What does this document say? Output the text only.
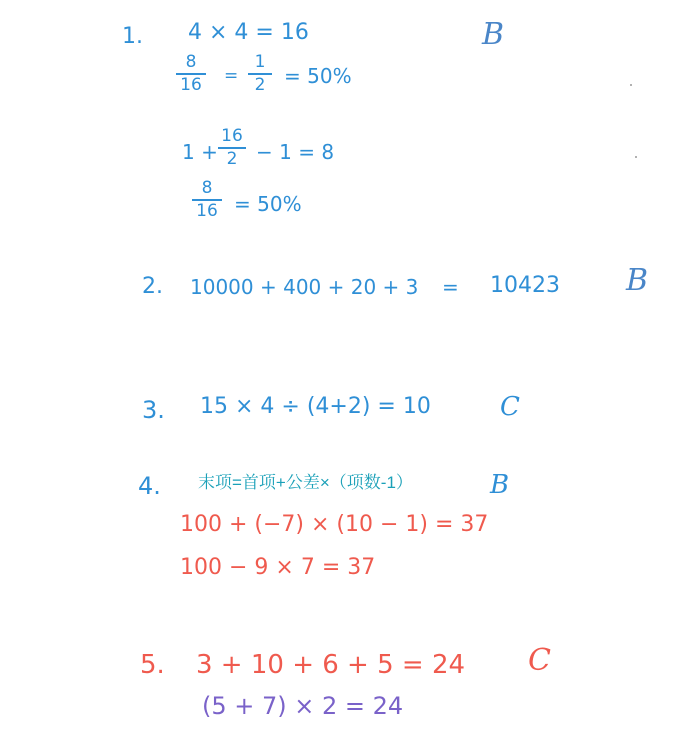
1. 4 × 4 = 16	B
8
16 =
1
2 = 50%
1 +
16
2 − 1 = 8
8
16 = 50%
2. 10000 + 400 + 20 + 3 = 10423 B
3. 15 × 4 ÷ (4+2) = 10	C
4. 末项=首项+公差×（项数-1）	B
100 + (−7) × (10 − 1) = 37
100 − 9 × 7 = 37
5. 3 + 10 + 6 + 5 = 24 C
(5 + 7) × 2 = 24
